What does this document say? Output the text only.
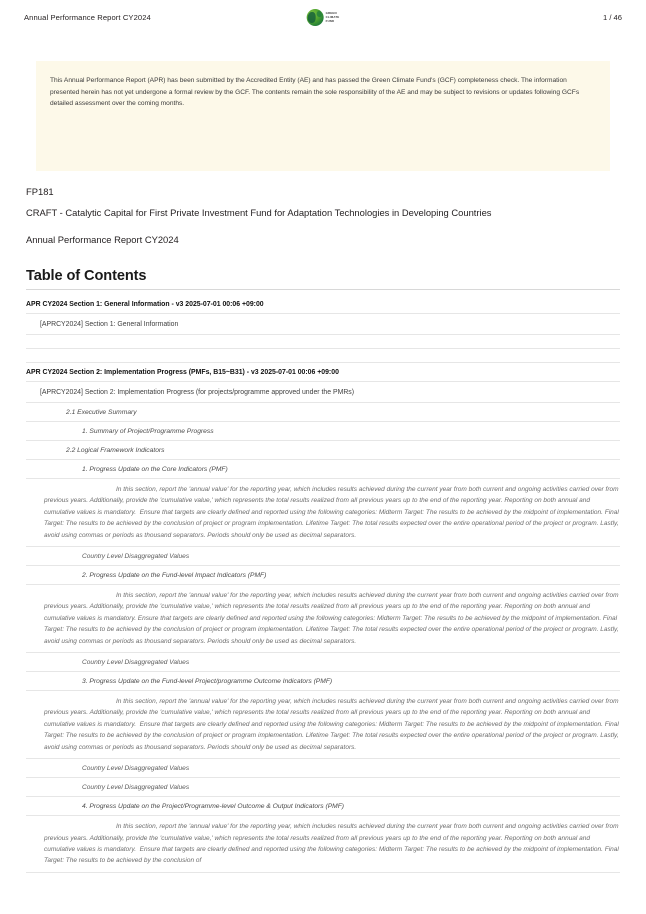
Annual Performance Report CY2024	GREEN
CLIMATE
FUND	1 / 46

This Annual Performance Report (APR) has been submitted by the Accredited Entity (AE) and has passed the Green Climate Fund's (GCF) completeness check. The information presented herein has not yet undergone a formal review by the GCF. The contents remain the sole responsibility of the AE and may be subject to revisions or updates following GCFs detailed assessment over the coming months.

FP181
CRAFT - Catalytic Capital for First Private Investment Fund for Adaptation Technologies in Developing Countries
Annual Performance Report CY2024
Table of Contents
APR CY2024 Section 1: General Information - v3 2025-07-01 00:06 +09:00
[APRCY2024] Section 1: General Information
APR CY2024 Section 2: Implementation Progress (PMFs, B15~B31) - v3 2025-07-01 00:06 +09:00
[APRCY2024] Section 2: Implementation Progress (for projects/programme approved under the PMRs)
2.1 Executive Summary
1. Summary of Project/Programme Progress
2.2 Logical Framework Indicators
1. Progress Update on the Core Indicators (PMF)
In this section, report the 'annual value' for the reporting year, which includes results achieved during the current year from both current and ongoing activities carried over from previous years. Additionally, provide the 'cumulative value,' which represents the total results realized from all previous years up to the end of the reporting year. Reporting on both annual and cumulative values is mandatory.  Ensure that targets are clearly defined and reported using the following categories: Midterm Target: The results to be achieved by the midpoint of implementation. Final Target: The results to be achieved by the conclusion of project or program implementation. Lifetime Target: The total results expected over the entire operational period of the project or program. Lastly, avoid using commas or periods as thousand separators. Periods should only be used as decimal separators.
Country Level Disaggregated Values
2. Progress Update on the Fund-level Impact Indicators (PMF)
In this section, report the 'annual value' for the reporting year, which includes results achieved during the current year from both current and ongoing activities carried over from previous years. Additionally, provide the 'cumulative value,' which represents the total results realized from all previous years up to the end of the reporting year. Reporting on both annual and cumulative values is mandatory. Ensure that targets are clearly defined and reported using the following categories: Midterm Target: The results to be achieved by the midpoint of implementation. Final Target: The results to be achieved by the conclusion of project or program implementation. Lifetime Target: The total results expected over the entire operational period of the project or program. Lastly, avoid using commas or periods as thousand separators. Periods should only be used as decimal separators.
Country Level Disaggregated Values
3. Progress Update on the Fund-level Project/programme Outcome Indicators (PMF)
In this section, report the 'annual value' for the reporting year, which includes results achieved during the current year from both current and ongoing activities carried over from previous years. Additionally, provide the 'cumulative value,' which represents the total results realized from all previous years up to the end of the reporting year. Reporting on both annual and cumulative values is mandatory.  Ensure that targets are clearly defined and reported using the following categories: Midterm Target: The results to be achieved by the midpoint of implementation. Final Target: The results to be achieved by the conclusion of project or program implementation. Lifetime Target: The total results expected over the entire operational period of the project or program. Lastly, avoid using commas or periods as thousand separators. Periods should only be used as decimal separators.
Country Level Disaggregated Values
Country Level Disaggregated Values
4. Progress Update on the Project/Programme-level Outcome & Output Indicators (PMF)
In this section, report the 'annual value' for the reporting year, which includes results achieved during the current year from both current and ongoing activities carried over from previous years. Additionally, provide the 'cumulative value,' which represents the total results realized from all previous years up to the end of the reporting year. Reporting on both annual and cumulative values is mandatory.  Ensure that targets are clearly defined and reported using the following categories: Midterm Target: The results to be achieved by the midpoint of implementation. Final Target: The results to be achieved by the conclusion of
